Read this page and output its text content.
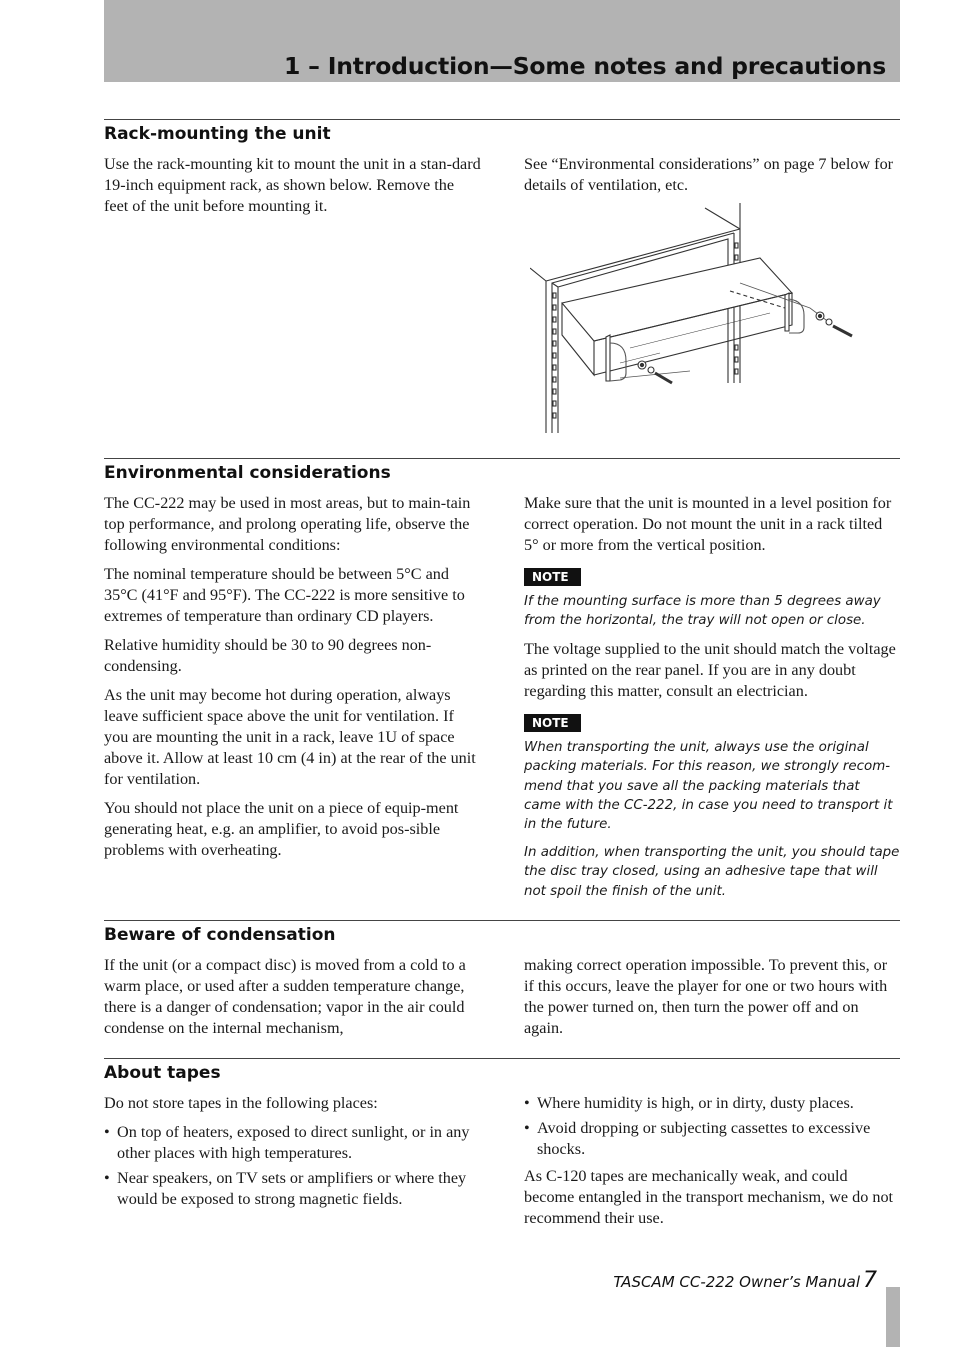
1 – Introduction—Some notes and precautions
Rack-mounting the unit

Use the rack-mounting kit to mount the unit in a stan-dard 19-inch equipment rack, as shown below. Remove the feet of the unit before mounting it.

See “Environmental considerations” on page 7 below for details of ventilation, etc.

Environmental considerations

The CC-222 may be used in most areas, but to main-tain top performance, and prolong operating life, observe the following environmental conditions:

The nominal temperature should be between 5°C and 35°C (41°F and 95°F). The CC-222 is more sensitive to extremes of temperature than ordinary CD players.

Relative humidity should be 30 to 90 degrees non-condensing.

As the unit may become hot during operation, always leave sufficient space above the unit for ventilation. If you are mounting the unit in a rack, leave 1U of space above it. Allow at least 10 cm (4 in) at the rear of the unit for ventilation.

You should not place the unit on a piece of equip-ment generating heat, e.g. an amplifier, to avoid pos-sible problems with overheating.

Make sure that the unit is mounted in a level position for correct operation. Do not mount the unit in a rack tilted 5° or more from the vertical position.

NOTE

If the mounting surface is more than 5 degrees away from the horizontal, the tray will not open or close.

The voltage supplied to the unit should match the voltage as printed on the rear panel. If you are in any doubt regarding this matter, consult an electrician.

NOTE

When transporting the unit, always use the original packing materials. For this reason, we strongly recom-mend that you save all the packing materials that came with the CC-222, in case you need to transport it in the future.

In addition, when transporting the unit, you should tape the disc tray closed, using an adhesive tape that will not spoil the finish of the unit.

Beware of condensation

If the unit (or a compact disc) is moved from a cold to a warm place, or used after a sudden temperature change, there is a danger of condensation; vapor in the air could condense on the internal mechanism,

making correct operation impossible. To prevent this, or if this occurs, leave the player for one or two hours with the power turned on, then turn the power off and on again.

About tapes

Do not store tapes in the following places:

• On top of heaters, exposed to direct sunlight, or in any other places with high temperatures.
• Near speakers, on TV sets or amplifiers or where they would be exposed to strong magnetic fields.
• Where humidity is high, or in dirty, dusty places.
• Avoid dropping or subjecting cassettes to excessive shocks.

As C-120 tapes are mechanically weak, and could become entangled in the transport mechanism, we do not recommend their use.

TASCAM CC-222 Owner’s Manual 7
